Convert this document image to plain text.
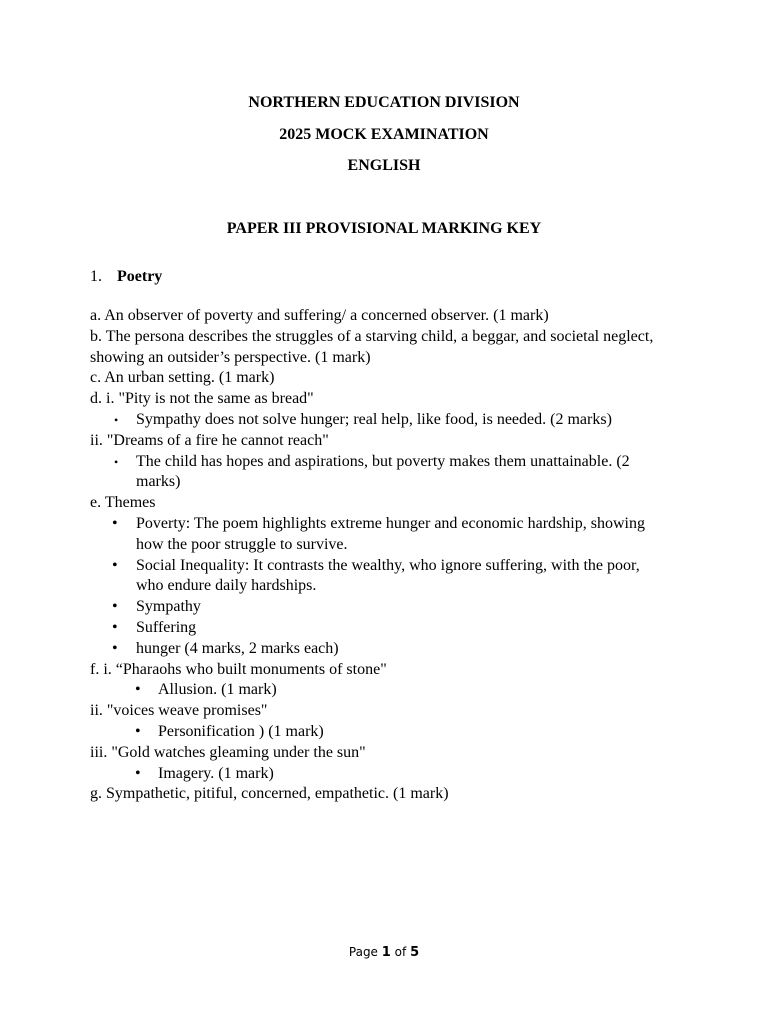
NORTHERN EDUCATION DIVISION
2025 MOCK EXAMINATION
ENGLISH
PAPER III PROVISIONAL MARKING KEY
1. Poetry

a. An observer of poverty and suffering/ a concerned observer. (1 mark)

b. The persona describes the struggles of a starving child, a beggar, and societal neglect, showing an outsider’s perspective. (1 mark)

c. An urban setting. (1 mark)

d. i. "Pity is not the same as bread"

• Sympathy does not solve hunger; real help, like food, is needed. (2 marks)

ii. "Dreams of a fire he cannot reach"

• The child has hopes and aspirations, but poverty makes them unattainable. (2 marks)

e. Themes

• Poverty: The poem highlights extreme hunger and economic hardship, showing how the poor struggle to survive.
• Social Inequality: It contrasts the wealthy, who ignore suffering, with the poor, who endure daily hardships.
• Sympathy
• Suffering
• hunger (4 marks, 2 marks each)

f. i. “Pharaohs who built monuments of stone"

• Allusion. (1 mark)

ii. "voices weave promises"

• Personification ) (1 mark)

iii. "Gold watches gleaming under the sun"

• Imagery. (1 mark)

g. Sympathetic, pitiful, concerned, empathetic. (1 mark)

Page 1 of 5
